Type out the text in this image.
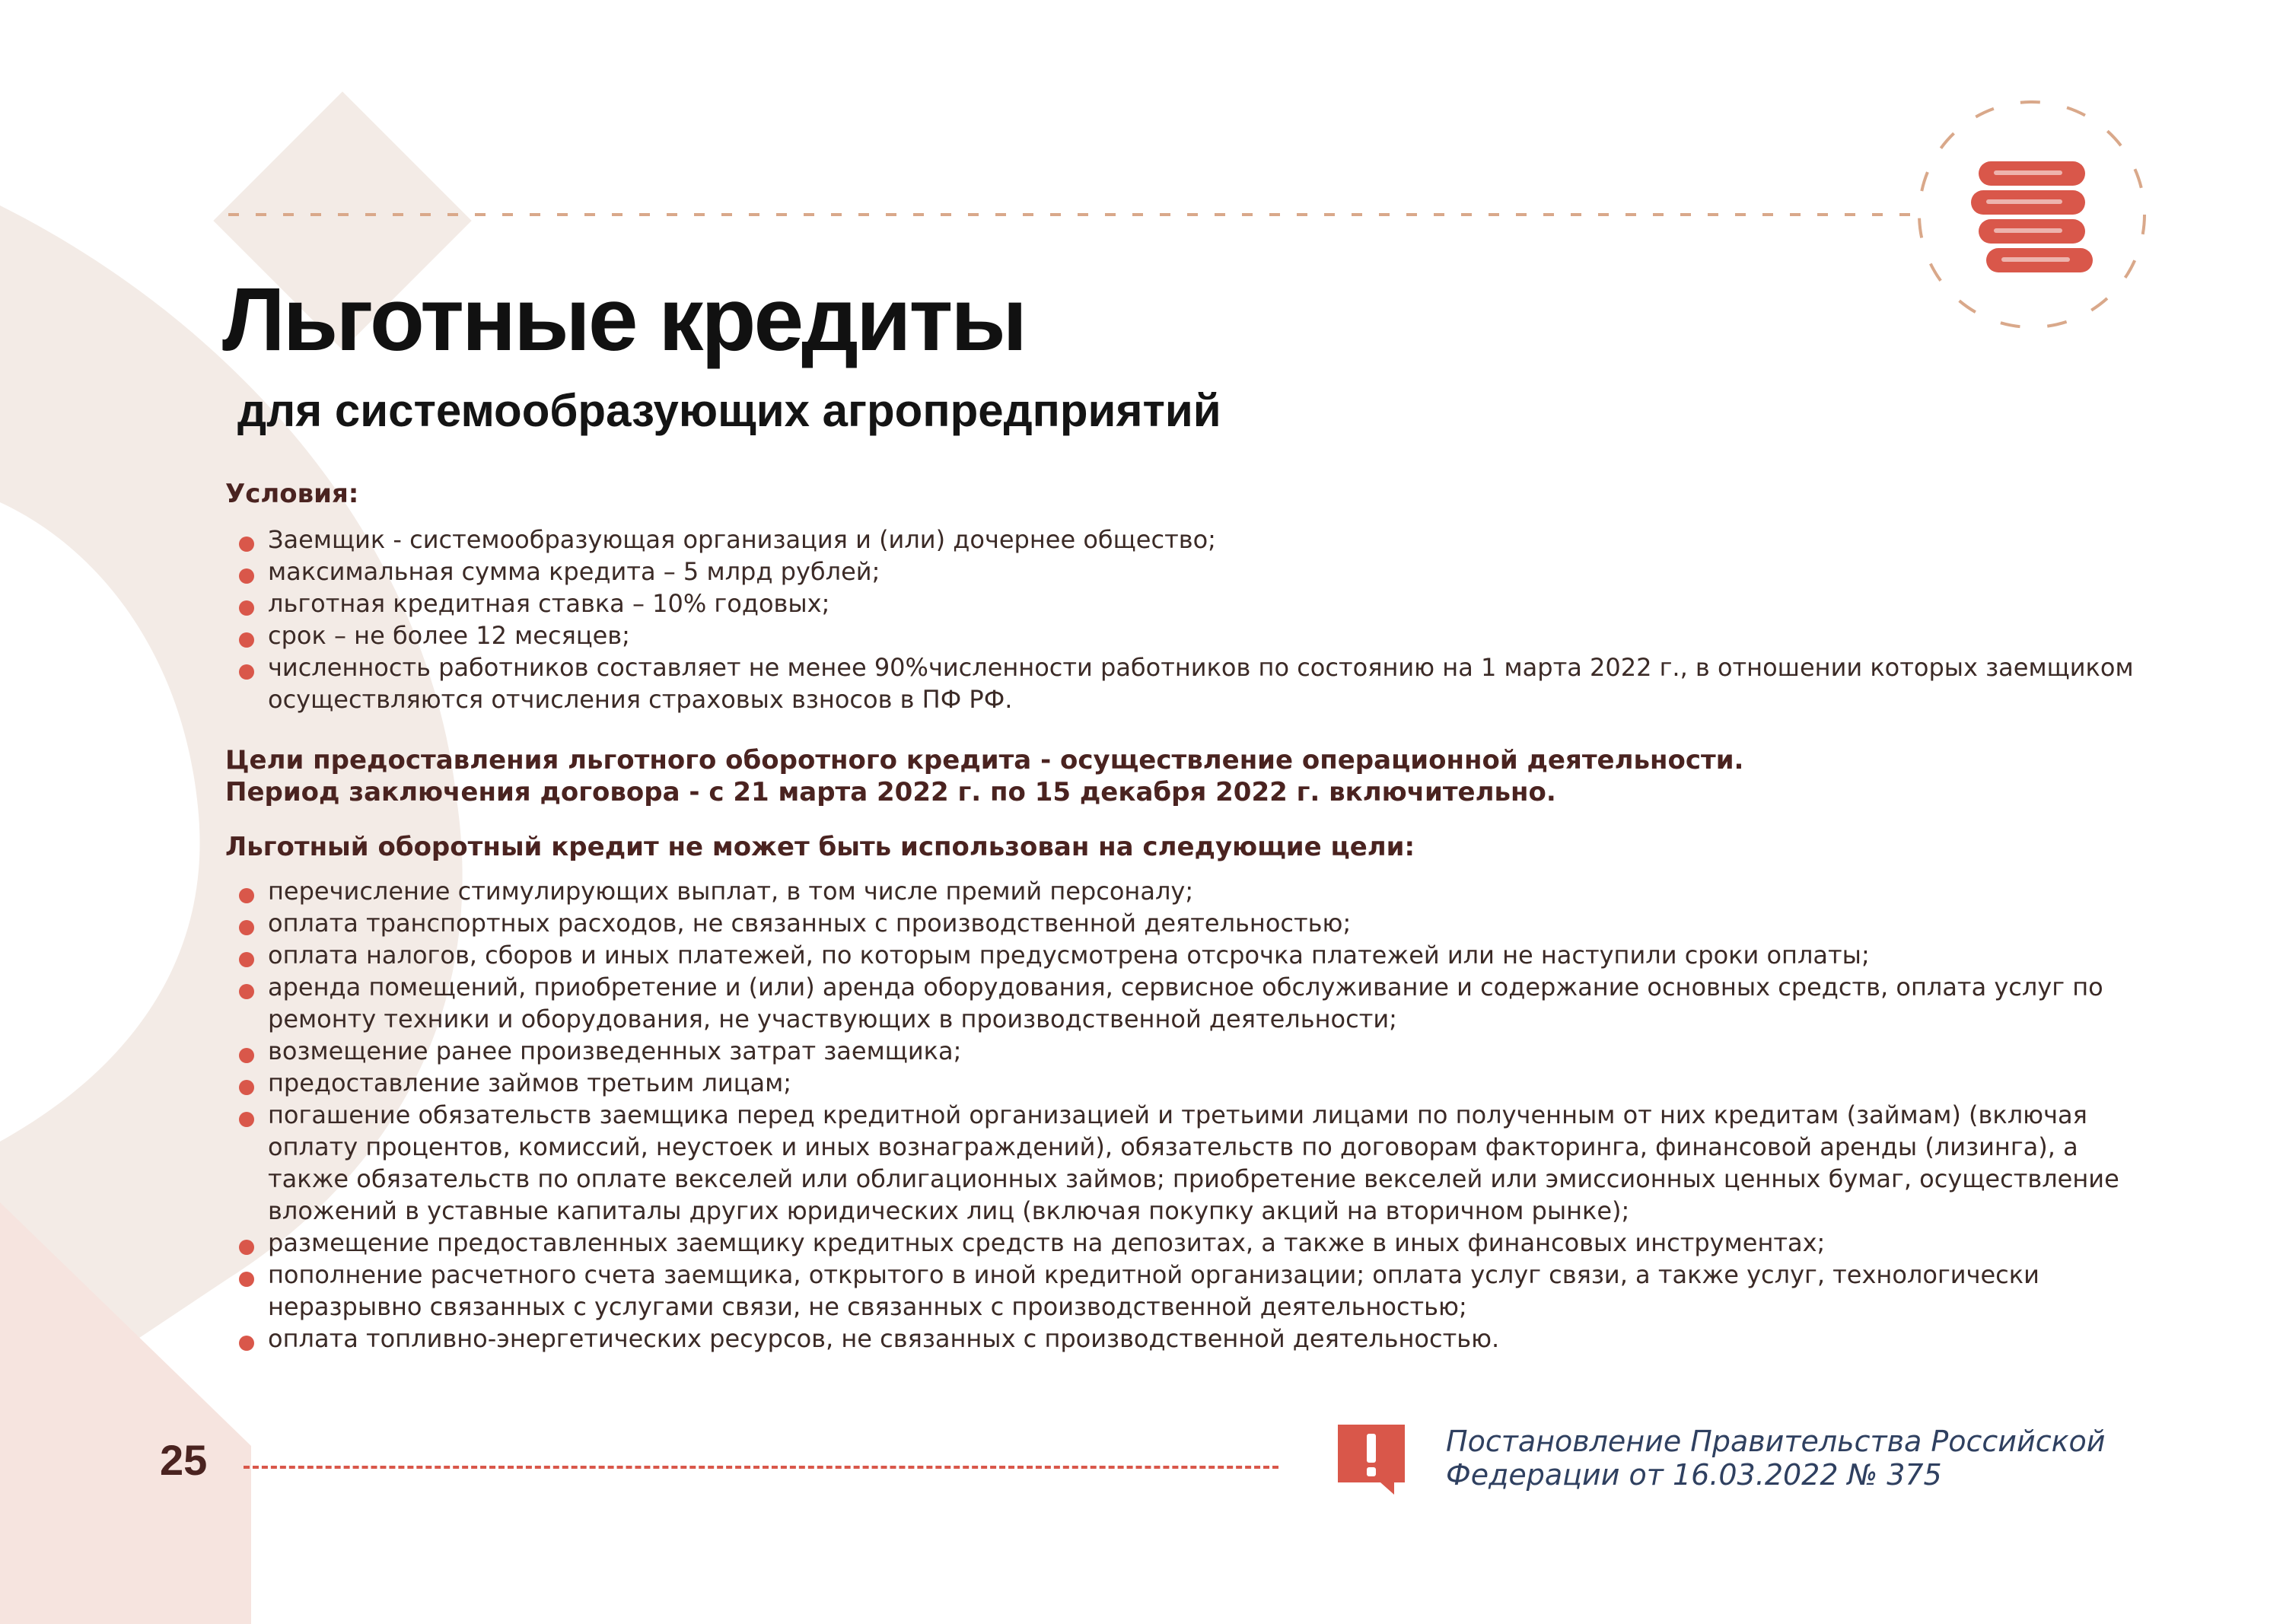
Льготные кредиты
для системообразующих агропредприятий

Условия:

Заемщик - системообразующая организация и (или) дочернее общество;
максимальная сумма кредита – 5 млрд рублей;
льготная кредитная ставка – 10% годовых;
срок – не более 12 месяцев;
численность работников составляет не менее 90%численности работников по состоянию на 1 марта 2022 г., в отношении которых заемщиком осуществляются отчисления страховых взносов в ПФ РФ.

Цели предоставления льготного оборотного кредита - осуществление операционной деятельности.

Период заключения договора - с 21 марта 2022 г. по 15 декабря 2022 г. включительно.

Льготный оборотный кредит не может быть использован на следующие цели:

перечисление стимулирующих выплат, в том числе премий персоналу;
оплата транспортных расходов, не связанных с производственной деятельностью;
оплата налогов, сборов и иных платежей, по которым предусмотрена отсрочка платежей или не наступили сроки оплаты;
аренда помещений, приобретение и (или) аренда оборудования, сервисное обслуживание и содержание основных средств, оплата услуг по ремонту техники и оборудования, не участвующих в производственной деятельности;
возмещение ранее произведенных затрат заемщика;
предоставление займов третьим лицам;
погашение обязательств заемщика перед кредитной организацией и третьими лицами по полученным от них кредитам (займам) (включая оплату процентов, комиссий, неустоек и иных вознаграждений), обязательств по договорам факторинга, финансовой аренды (лизинга), а также обязательств по оплате векселей или облигационных займов; приобретение векселей или эмиссионных ценных бумаг, осуществление вложений в уставные капиталы других юридических лиц (включая покупку акций на вторичном рынке);
размещение предоставленных заемщику кредитных средств на депозитах, а также в иных финансовых инструментах;
пополнение расчетного счета заемщика, открытого в иной кредитной организации; оплата услуг связи, а также услуг, технологически неразрывно связанных с услугами связи, не связанных с производственной деятельностью;
оплата топливно-энергетических ресурсов, не связанных с производственной деятельностью.

25	Постановление Правительства Российской Федерации от 16.03.2022 № 375
